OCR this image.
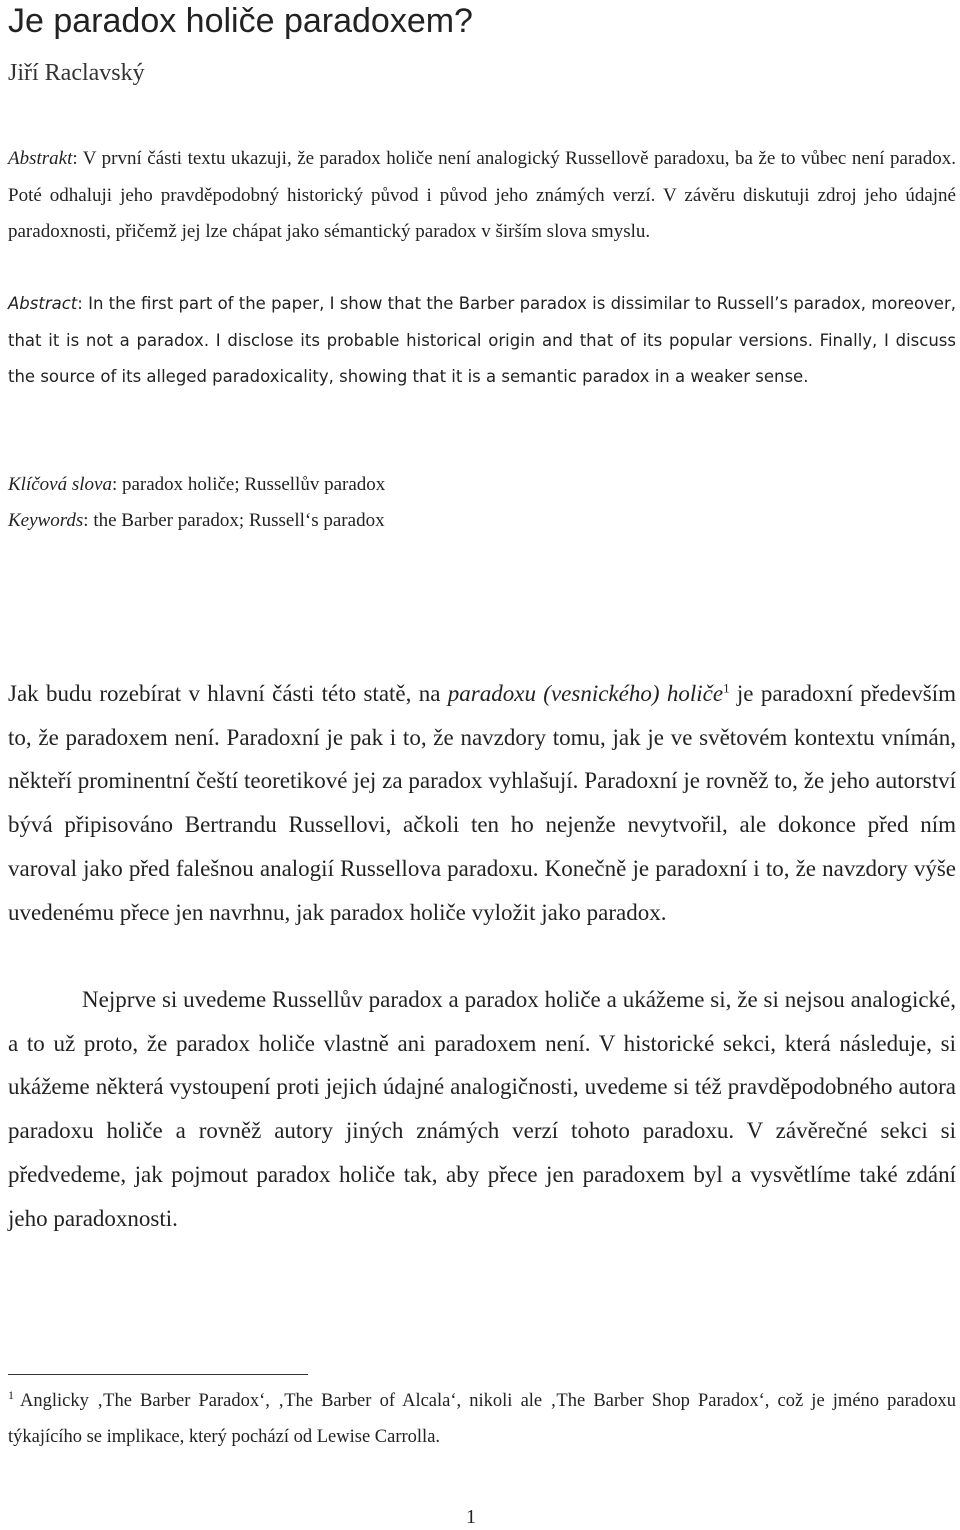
Je paradox holiče paradoxem?
Jiří Raclavský
Abstrakt: V první části textu ukazuji, že paradox holiče není analogický Russellově paradoxu, ba že to vůbec není paradox. Poté odhaluji jeho pravděpodobný historický původ i původ jeho známých verzí. V závěru diskutuji zdroj jeho údajné paradoxnosti, přičemž jej lze chápat jako sémantický paradox v širším slova smyslu.
Abstract: In the first part of the paper, I show that the Barber paradox is dissimilar to Russell’s paradox, moreover, that it is not a paradox. I disclose its probable historical origin and that of its popular versions. Finally, I discuss the source of its alleged paradoxicality, showing that it is a semantic paradox in a weaker sense.
Klíčová slova: paradox holiče; Russellův paradox
Keywords: the Barber paradox; Russell‘s paradox
Jak budu rozebírat v hlavní části této statě, na paradoxu (vesnického) holiče$^1$ je paradoxní především to, že paradoxem není. Paradoxní je pak i to, že navzdory tomu, jak je ve světovém kontextu vnímán, někteří prominentní čeští teoretikové jej za paradox vyhlašují. Paradoxní je rovněž to, že jeho autorství bývá připisováno Bertrandu Russellovi, ačkoli ten ho nejenže nevytvořil, ale dokonce před ním varoval jako před falešnou analogií Russellova paradoxu. Konečně je paradoxní i to, že navzdory výše uvedenému přece jen navrhnu, jak paradox holiče vyložit jako paradox.
Nejprve si uvedeme Russellův paradox a paradox holiče a ukážeme si, že si nejsou analogické, a to už proto, že paradox holiče vlastně ani paradoxem není. V historické sekci, která následuje, si ukážeme některá vystoupení proti jejich údajné analogičnosti, uvedeme si též pravděpodobného autora paradoxu holiče a rovněž autory jiných známých verzí tohoto paradoxu. V závěrečné sekci si předvedeme, jak pojmout paradox holiče tak, aby přece jen paradoxem byl a vysvětlíme také zdání jeho paradoxnosti.
$^1$ Anglicky ‚The Barber Paradox‘, ‚The Barber of Alcala‘, nikoli ale ‚The Barber Shop Paradox‘, což je jméno paradoxu týkajícího se implikace, který pochází od Lewise Carrolla.
1
